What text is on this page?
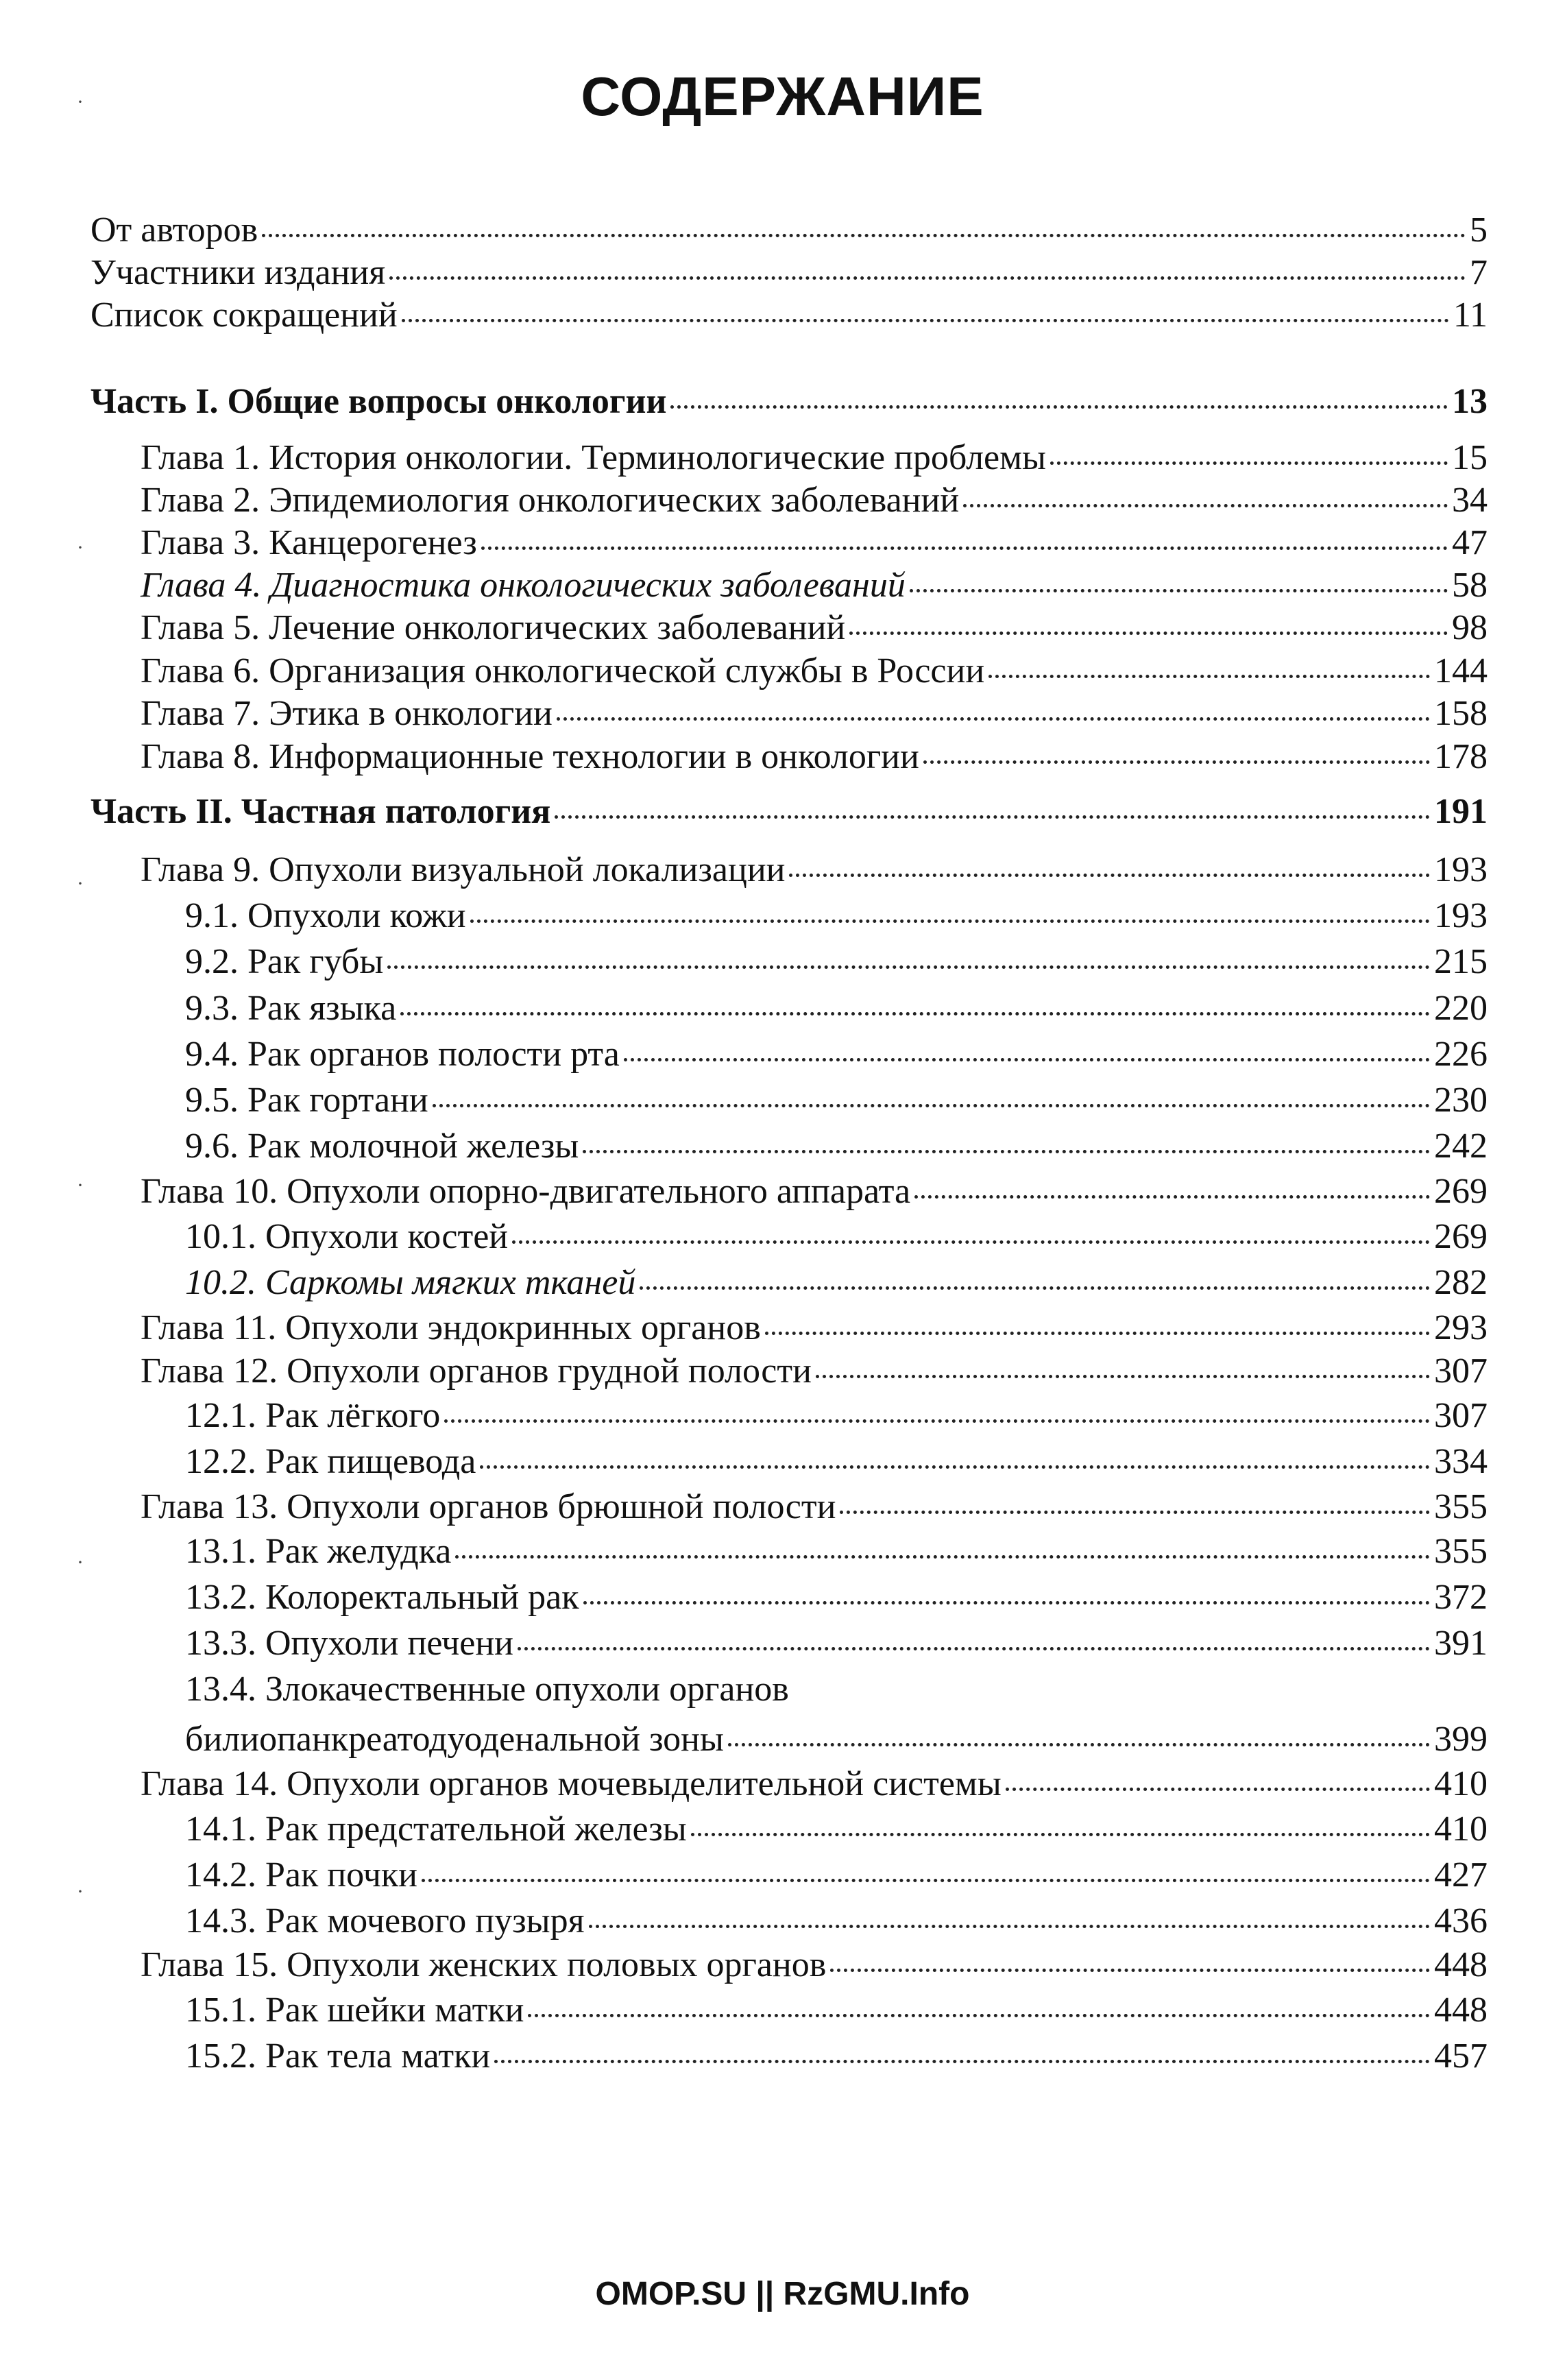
СОДЕРЖАНИЕ
От авторов	5
Участники издания	7
Список сокращений	11
Часть I. Общие вопросы онкологии	13
Глава 1. История онкологии. Терминологические проблемы	15
Глава 2. Эпидемиология онкологических заболеваний	34
Глава 3. Канцерогенез	47
Глава 4. Диагностика онкологических заболеваний	58
Глава 5. Лечение онкологических заболеваний	98
Глава 6. Организация онкологической службы в России	144
Глава 7. Этика в онкологии	158
Глава 8. Информационные технологии в онкологии	178
Часть II. Частная патология	191
Глава 9. Опухоли визуальной локализации	193
9.1. Опухоли кожи	193
9.2. Рак губы	215
9.3. Рак языка	220
9.4. Рак органов полости рта	226
9.5. Рак гортани	230
9.6. Рак молочной железы	242
Глава 10. Опухоли опорно-двигательного аппарата	269
10.1. Опухоли костей	269
10.2. Саркомы мягких тканей	282
Глава 11. Опухоли эндокринных органов	293
Глава 12. Опухоли органов грудной полости	307
12.1. Рак лёгкого	307
12.2. Рак пищевода	334
Глава 13. Опухоли органов брюшной полости	355
13.1. Рак желудка	355
13.2. Колоректальный рак	372
13.3. Опухоли печени	391
13.4. Злокачественные опухоли органов
билиопанкреатодуоденальной зоны	399
Глава 14. Опухоли органов мочевыделительной системы	410
14.1. Рак предстательной железы	410
14.2. Рак почки	427
14.3. Рак мочевого пузыря	436
Глава 15. Опухоли женских половых органов	448
15.1. Рак шейки матки	448
15.2. Рак тела матки	457
·
·
·
·
·
·
OMOP.SU || RzGMU.Info
